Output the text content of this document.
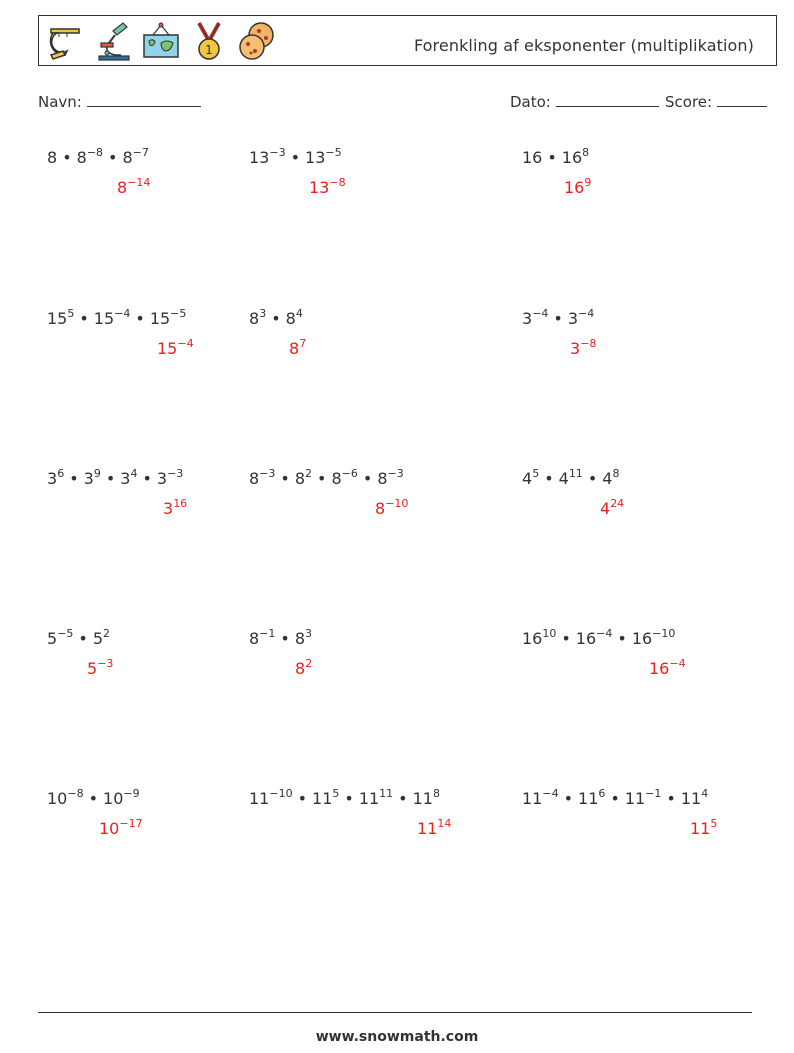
1	Forenkling af eksponenter (multiplikation)
Navn:	Dato:	Score:
8 • $8^{-8}$ • $8^{-7}$
$8^{-14}$
$13^{-3}$ • $13^{-5}$
$13^{-8}$
16 • $16^8$
$16^9$
$15^5$ • $15^{-4}$ • $15^{-5}$
$15^{-4}$
$8^3$ • $8^4$
$8^7$
$3^{-4}$ • $3^{-4}$
$3^{-8}$
$3^6$ • $3^9$ • $3^4$ • $3^{-3}$
$3^{16}$
$8^{-3}$ • $8^2$ • $8^{-6}$ • $8^{-3}$
$8^{-10}$
$4^5$ • $4^{11}$ • $4^8$
$4^{24}$
$5^{-5}$ • $5^2$
$5^{-3}$
$8^{-1}$ • $8^3$
$8^2$
$16^{10}$ • $16^{-4}$ • $16^{-10}$
$16^{-4}$
$10^{-8}$ • $10^{-9}$
$10^{-17}$
$11^{-10}$ • $11^5$ • $11^{11}$ • $11^8$
$11^{14}$
$11^{-4}$ • $11^6$ • $11^{-1}$ • $11^4$
$11^5$
www.snowmath.com
